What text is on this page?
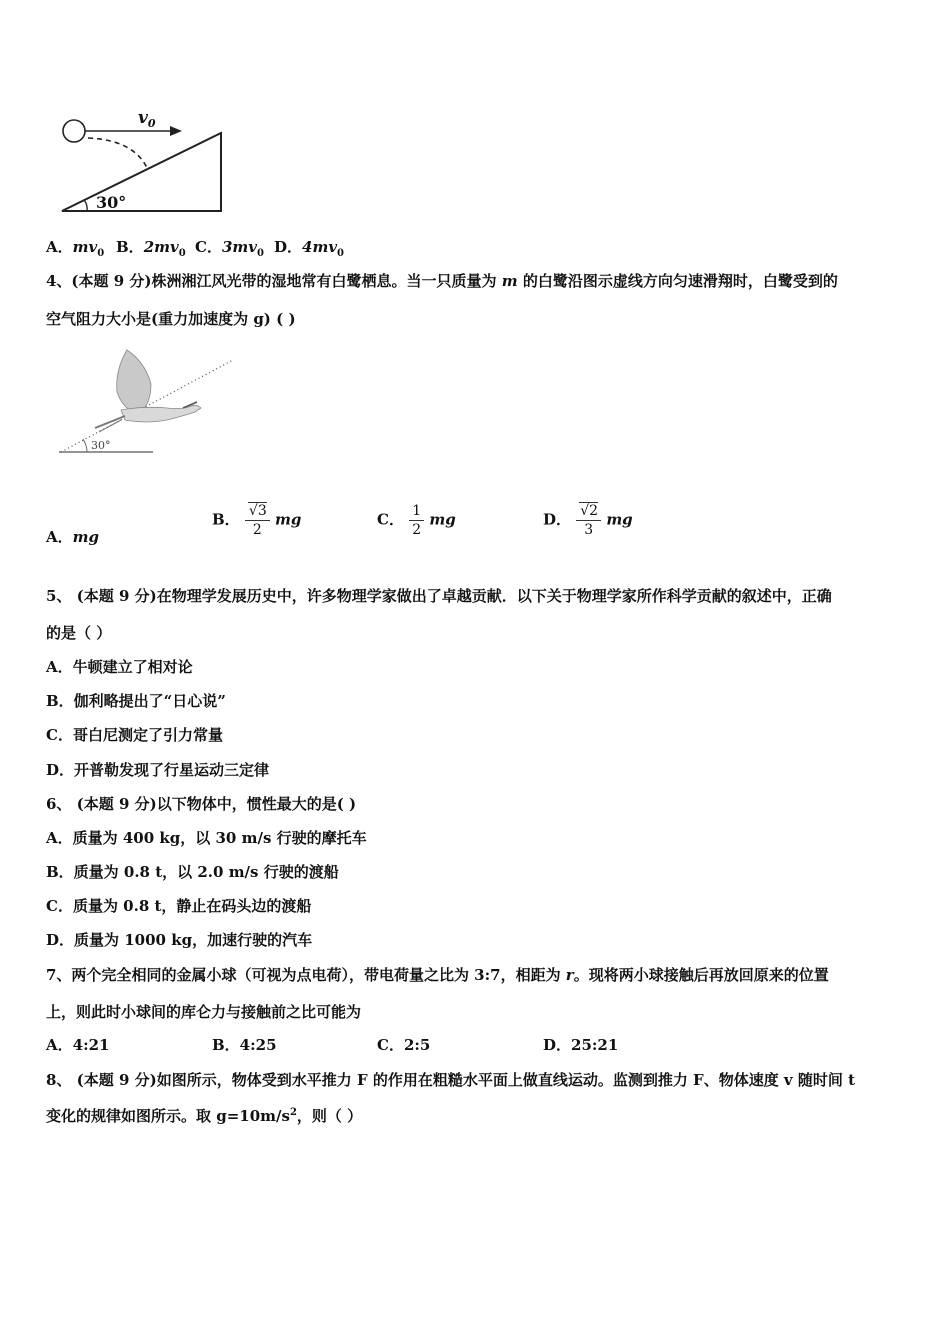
$v_0$
30°
A．$mv_0$ B．$2mv_0$ C．$3mv_0$ D．$4mv_0$
4、(本题 9 分)株洲湘江风光带的湿地常有白鹭栖息。当一只质量为 m 的白鹭沿图示虚线方向匀速滑翔时，白鹭受到的
空气阻力大小是(重力加速度为 g) ( )
30°
A．mg
B． $\frac{√3}{2}$ mg	C． $\frac{1}{2}$ mg	D． $\frac{√2}{3}$ mg
5、 (本题 9 分)在物理学发展历史中，许多物理学家做出了卓越贡献．以下关于物理学家所作科学贡献的叙述中，正确
的是（ ）
A．牛顿建立了相对论
B．伽利略提出了“日心说”
C．哥白尼测定了引力常量
D．开普勒发现了行星运动三定律
6、 (本题 9 分)以下物体中，惯性最大的是( )
A．质量为 400 kg，以 30 m/s 行驶的摩托车
B．质量为 0.8 t，以 2.0 m/s 行驶的渡船
C．质量为 0.8 t，静止在码头边的渡船
D．质量为 1000 kg，加速行驶的汽车
7、两个完全相同的金属小球（可视为点电荷），带电荷量之比为 3:7，相距为 r。现将两小球接触后再放回原来的位置
上，则此时小球间的库仑力与接触前之比可能为
A．4:21	B．4:25	C．2:5	D．25:21
8、 (本题 9 分)如图所示，物体受到水平推力 F 的作用在粗糙水平面上做直线运动。监测到推力 F、物体速度 v 随时间 t
变化的规律如图所示。取 $g=10m/s^2$，则（ ）
